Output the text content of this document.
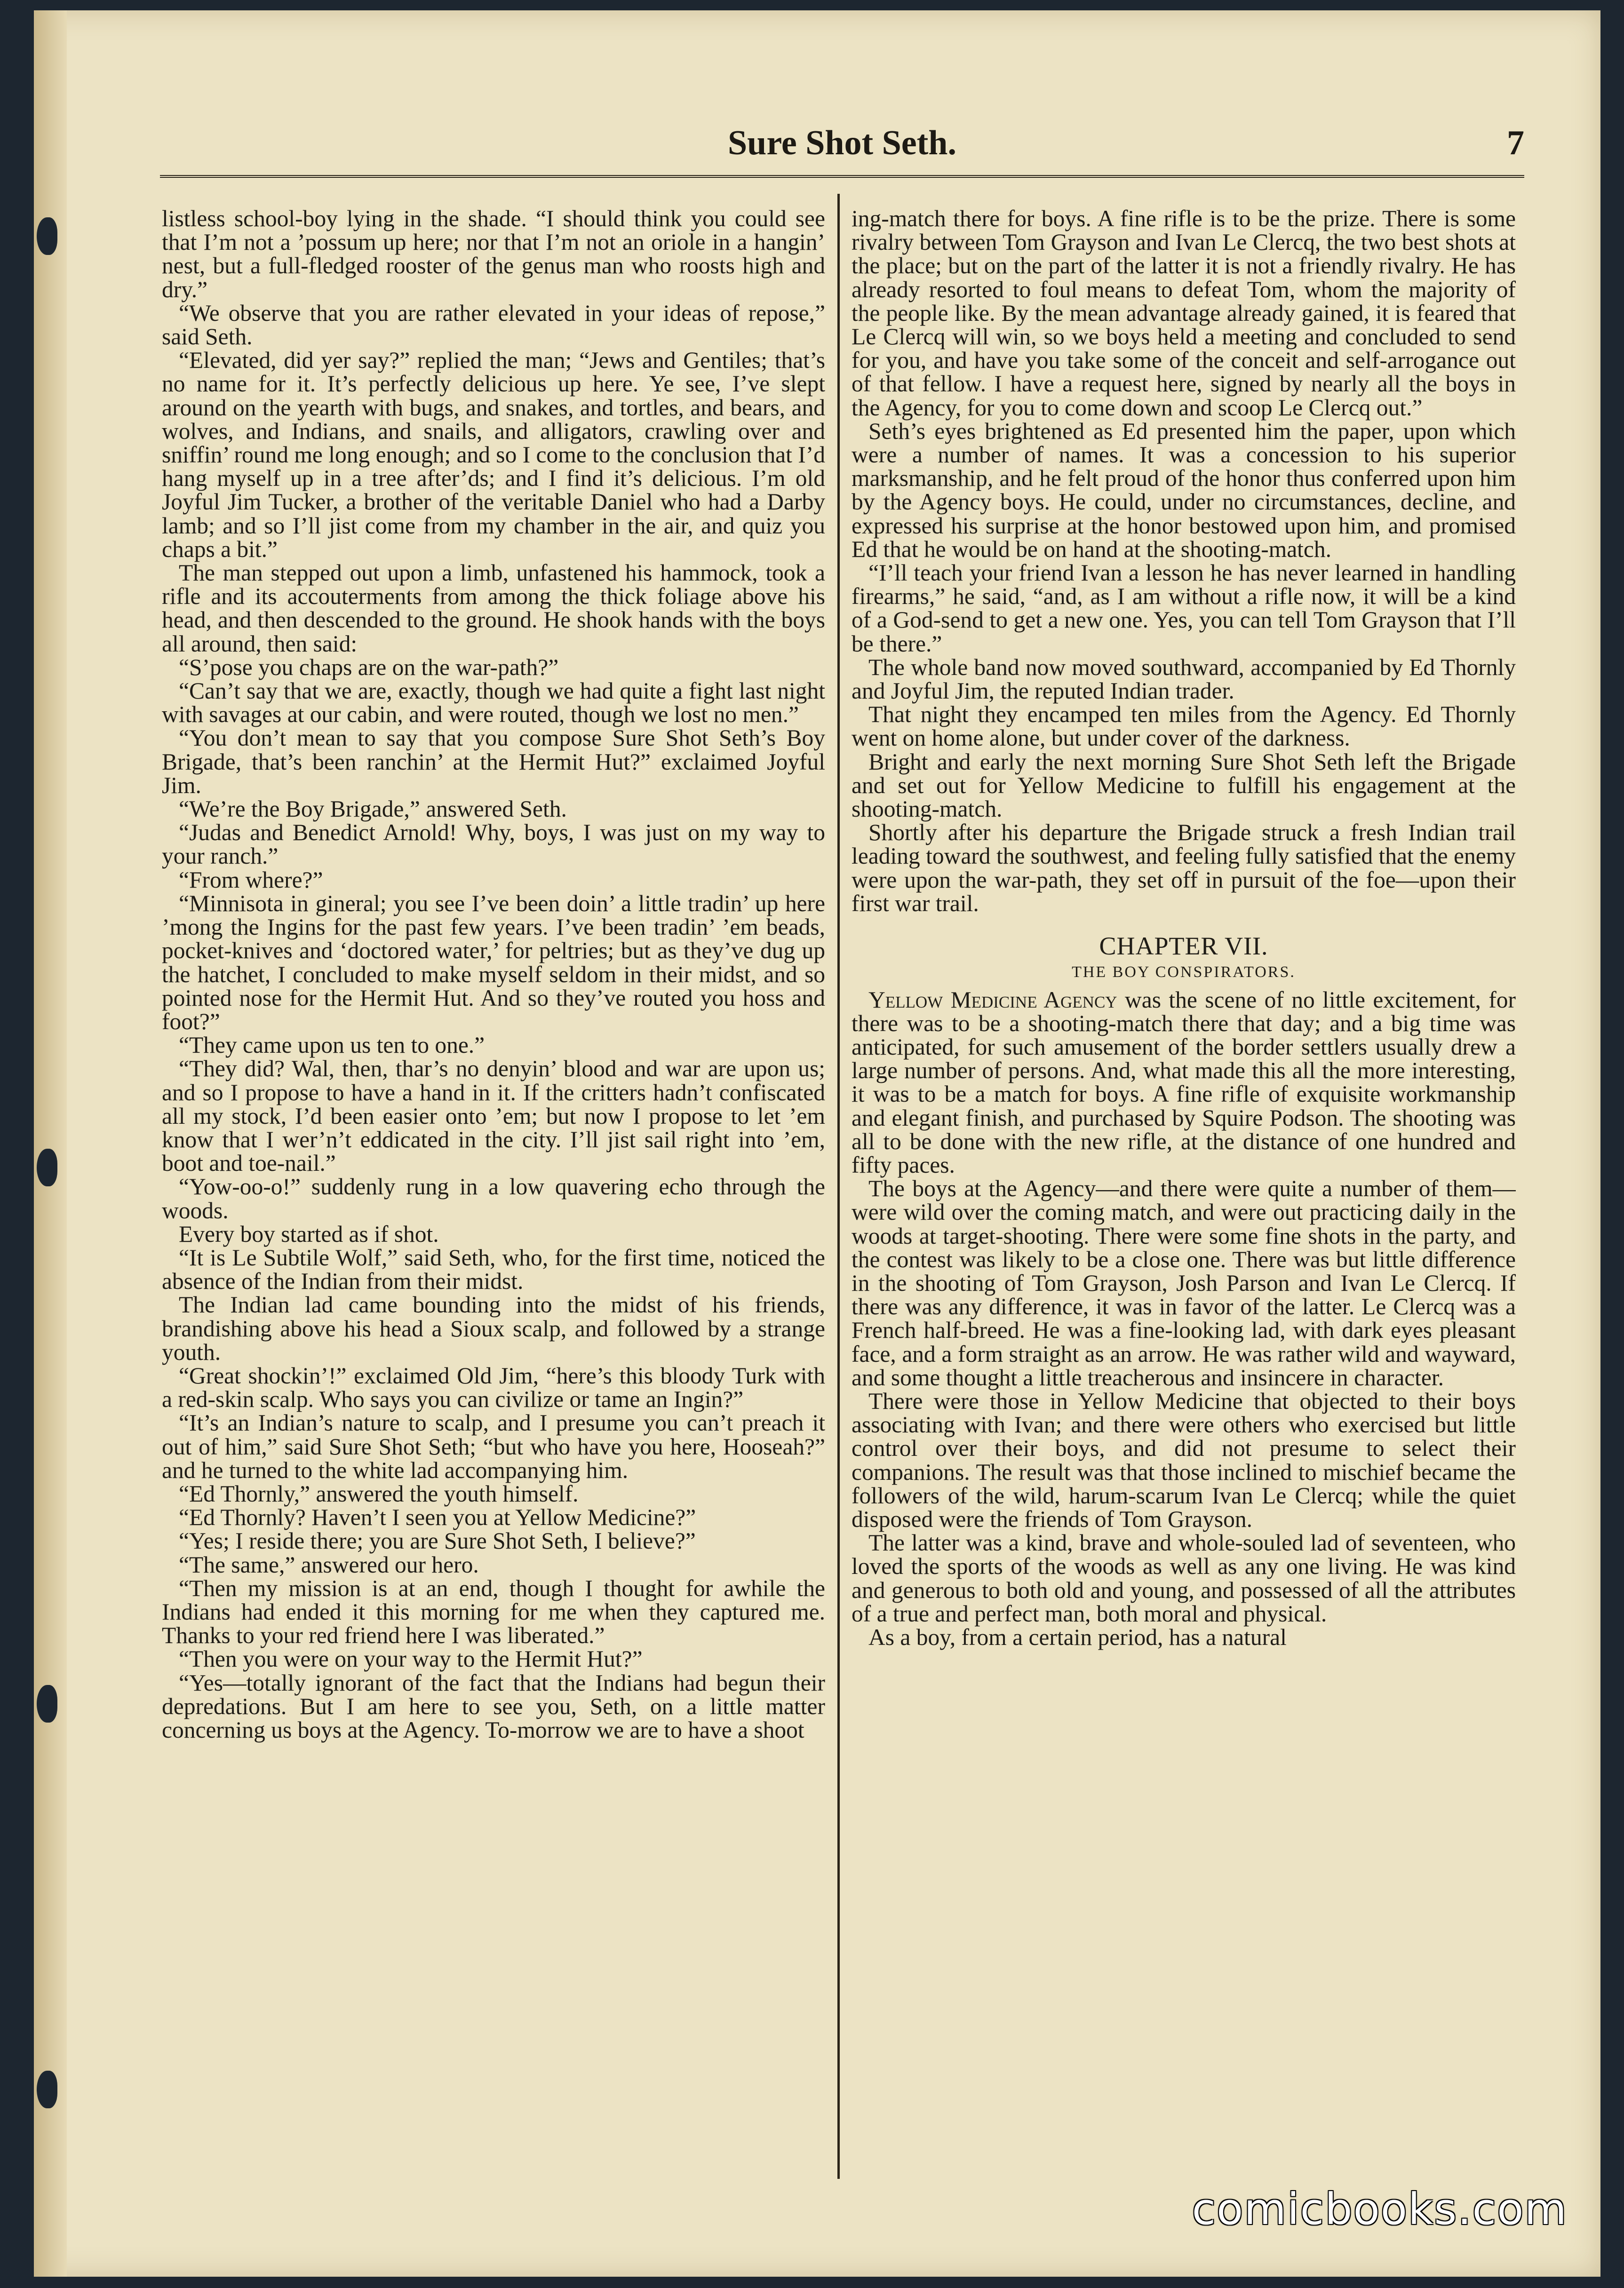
Sure Shot Seth.	7

listless school-boy lying in the shade. “I should think you could see that I’m not a ’possum up here; nor that I’m not an oriole in a hangin’ nest, but a full-fledged rooster of the genus man who roosts high and dry.”

“We observe that you are rather elevated in your ideas of repose,” said Seth.

“Elevated, did yer say?” replied the man; “Jews and Gentiles; that’s no name for it. It’s perfectly delicious up here. Ye see, I’ve slept around on the yearth with bugs, and snakes, and tortles, and bears, and wolves, and Indians, and snails, and alligators, crawling over and sniffin’ round me long enough; and so I come to the conclusion that I’d hang myself up in a tree after’ds; and I find it’s delicious. I’m old Joyful Jim Tucker, a brother of the veritable Daniel who had a Darby lamb; and so I’ll jist come from my chamber in the air, and quiz you chaps a bit.”

The man stepped out upon a limb, unfastened his hammock, took a rifle and its accouterments from among the thick foliage above his head, and then descended to the ground. He shook hands with the boys all around, then said:

“S’pose you chaps are on the war-path?”

“Can’t say that we are, exactly, though we had quite a fight last night with savages at our cabin, and were routed, though we lost no men.”

“You don’t mean to say that you compose Sure Shot Seth’s Boy Brigade, that’s been ranchin’ at the Hermit Hut?” exclaimed Joyful Jim.

“We’re the Boy Brigade,” answered Seth.

“Judas and Benedict Arnold! Why, boys, I was just on my way to your ranch.”

“From where?”

“Minnisota in gineral; you see I’ve been doin’ a little tradin’ up here ’mong the Ingins for the past few years. I’ve been tradin’ ’em beads, pocket-knives and ‘doctored water,’ for peltries; but as they’ve dug up the hatchet, I concluded to make myself seldom in their midst, and so pointed nose for the Hermit Hut. And so they’ve routed you hoss and foot?”

“They came upon us ten to one.”

“They did? Wal, then, thar’s no denyin’ blood and war are upon us; and so I propose to have a hand in it. If the critters hadn’t confiscated all my stock, I’d been easier onto ’em; but now I propose to let ’em know that I wer’n’t eddicated in the city. I’ll jist sail right into ’em, boot and toe-nail.”

“Yow-oo-o!” suddenly rung in a low quavering echo through the woods.

Every boy started as if shot.

“It is Le Subtile Wolf,” said Seth, who, for the first time, noticed the absence of the Indian from their midst.

The Indian lad came bounding into the midst of his friends, brandishing above his head a Sioux scalp, and followed by a strange youth.

“Great shockin’!” exclaimed Old Jim, “here’s this bloody Turk with a red-skin scalp. Who says you can civilize or tame an Ingin?”

“It’s an Indian’s nature to scalp, and I presume you can’t preach it out of him,” said Sure Shot Seth; “but who have you here, Hooseah?” and he turned to the white lad accompanying him.

“Ed Thornly,” answered the youth himself.

“Ed Thornly? Haven’t I seen you at Yellow Medicine?”

“Yes; I reside there; you are Sure Shot Seth, I believe?”

“The same,” answered our hero.

“Then my mission is at an end, though I thought for awhile the Indians had ended it this morning for me when they captured me. Thanks to your red friend here I was liberated.”

“Then you were on your way to the Hermit Hut?”

“Yes—totally ignorant of the fact that the Indians had begun their depredations. But I am here to see you, Seth, on a little matter concerning us boys at the Agency. To-morrow we are to have a shoot

ing-match there for boys. A fine rifle is to be the prize. There is some rivalry between Tom Grayson and Ivan Le Clercq, the two best shots at the place; but on the part of the latter it is not a friendly rivalry. He has already resorted to foul means to defeat Tom, whom the majority of the people like. By the mean advantage already gained, it is feared that Le Clercq will win, so we boys held a meeting and concluded to send for you, and have you take some of the conceit and self-arrogance out of that fellow. I have a request here, signed by nearly all the boys in the Agency, for you to come down and scoop Le Clercq out.”

Seth’s eyes brightened as Ed presented him the paper, upon which were a number of names. It was a concession to his superior marksmanship, and he felt proud of the honor thus conferred upon him by the Agency boys. He could, under no circumstances, decline, and expressed his surprise at the honor bestowed upon him, and promised Ed that he would be on hand at the shooting-match.

“I’ll teach your friend Ivan a lesson he has never learned in handling firearms,” he said, “and, as I am without a rifle now, it will be a kind of a God-send to get a new one. Yes, you can tell Tom Grayson that I’ll be there.”

The whole band now moved southward, accompanied by Ed Thornly and Joyful Jim, the reputed Indian trader.

That night they encamped ten miles from the Agency. Ed Thornly went on home alone, but under cover of the darkness.

Bright and early the next morning Sure Shot Seth left the Brigade and set out for Yellow Medicine to fulfill his engagement at the shooting-match.

Shortly after his departure the Brigade struck a fresh Indian trail leading toward the southwest, and feeling fully satisfied that the enemy were upon the war-path, they set off in pursuit of the foe—upon their first war trail.

CHAPTER VII.
THE BOY CONSPIRATORS.

Yellow Medicine Agency was the scene of no little excitement, for there was to be a shooting-match there that day; and a big time was anticipated, for such amusement of the border settlers usually drew a large number of persons. And, what made this all the more interesting, it was to be a match for boys. A fine rifle of exquisite workmanship and elegant finish, and purchased by Squire Podson. The shooting was all to be done with the new rifle, at the distance of one hundred and fifty paces.

The boys at the Agency—and there were quite a number of them—were wild over the coming match, and were out practicing daily in the woods at target-shooting. There were some fine shots in the party, and the contest was likely to be a close one. There was but little difference in the shooting of Tom Grayson, Josh Parson and Ivan Le Clercq. If there was any difference, it was in favor of the latter. Le Clercq was a French half-breed. He was a fine-looking lad, with dark eyes pleasant face, and a form straight as an arrow. He was rather wild and wayward, and some thought a little treacherous and insincere in character.

There were those in Yellow Medicine that objected to their boys associating with Ivan; and there were others who exercised but little control over their boys, and did not presume to select their companions. The result was that those inclined to mischief became the followers of the wild, harum-scarum Ivan Le Clercq; while the quiet disposed were the friends of Tom Grayson.

The latter was a kind, brave and whole-souled lad of seventeen, who loved the sports of the woods as well as any one living. He was kind and generous to both old and young, and possessed of all the attributes of a true and perfect man, both moral and physical.

As a boy, from a certain period, has a natural

comicbooks.com
